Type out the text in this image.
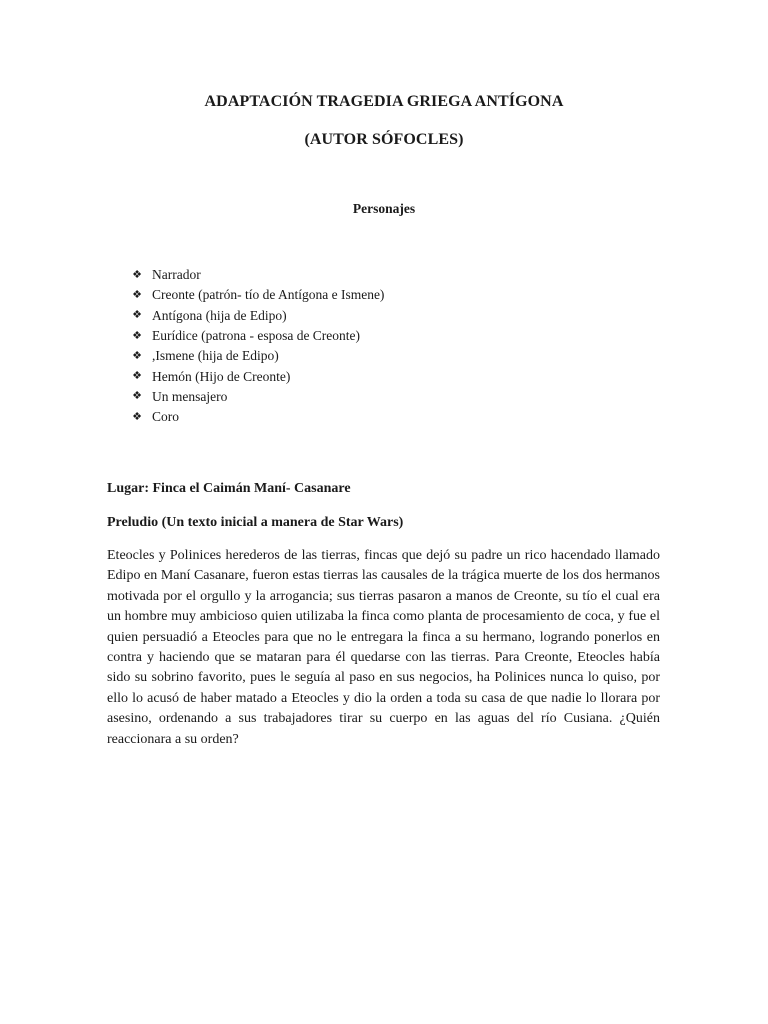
ADAPTACIÓN TRAGEDIA GRIEGA ANTÍGONA
(AUTOR SÓFOCLES)
Personajes
❖ Narrador
❖ Creonte (patrón- tío de Antígona e Ismene)
❖ Antígona (hija de Edipo)
❖ Eurídice (patrona - esposa de Creonte)
❖ ,Ismene (hija de Edipo)
❖ Hemón (Hijo de Creonte)
❖ Un mensajero
❖ Coro
Lugar: Finca el Caimán Maní- Casanare
Preludio (Un texto inicial a manera de Star Wars)

Eteocles y Polinices herederos de las tierras, fincas que dejó su padre un rico hacendado llamado Edipo en Maní Casanare, fueron estas tierras las causales de la trágica muerte de los dos hermanos motivada por el orgullo y la arrogancia; sus tierras pasaron a manos de Creonte, su tío el cual era un hombre muy ambicioso quien utilizaba la finca como planta de procesamiento de coca, y fue el quien persuadió a Eteocles para que no le entregara la finca a su hermano, logrando ponerlos en contra y haciendo que se mataran para él quedarse con las tierras. Para Creonte, Eteocles había sido su sobrino favorito, pues le seguía al paso en sus negocios, ha Polinices nunca lo quiso, por ello lo acusó de haber matado a Eteocles y dio la orden a toda su casa de que nadie lo llorara por asesino, ordenando a sus trabajadores tirar su cuerpo en las aguas del río Cusiana. ¿Quién reaccionara a su orden?
